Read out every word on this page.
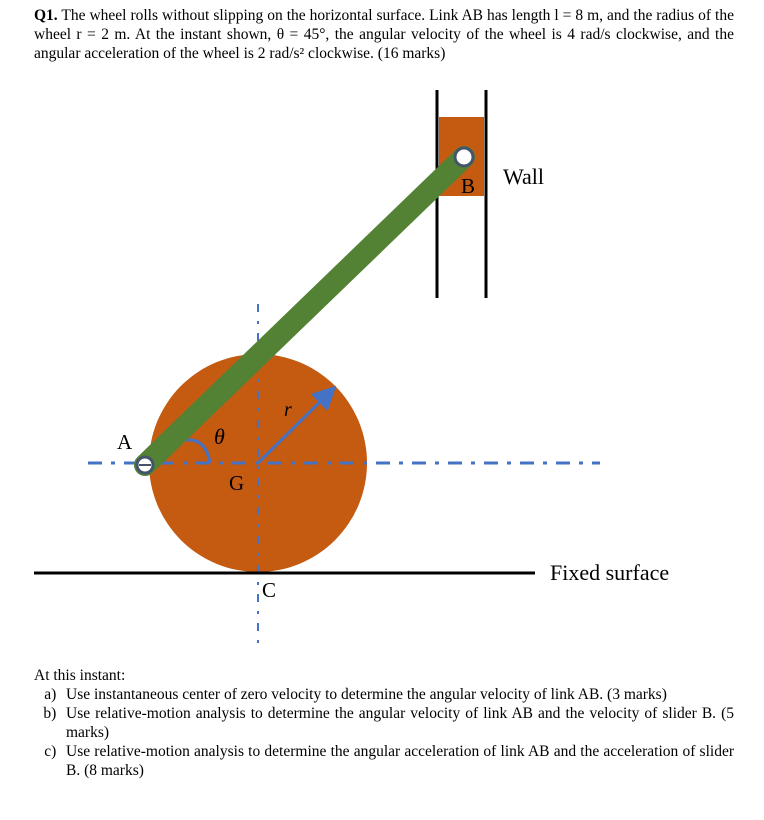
Q1. The wheel rolls without slipping on the horizontal surface. Link AB has length l = 8 m, and the radius of the wheel r = 2 m. At the instant shown, θ = 45°, the angular velocity of the wheel is 4 rad/s clockwise, and the angular acceleration of the wheel is 2 rad/s² clockwise. (16 marks)

A
B
G
C
r
θ
Wall
Fixed surface
At this instant:
a. Use instantaneous center of zero velocity to determine the angular velocity of link AB. (3 marks)
b. Use relative-motion analysis to determine the angular velocity of link AB and the velocity of slider B. (5 marks)
c. Use relative-motion analysis to determine the angular acceleration of link AB and the acceleration of slider B. (8 marks)
